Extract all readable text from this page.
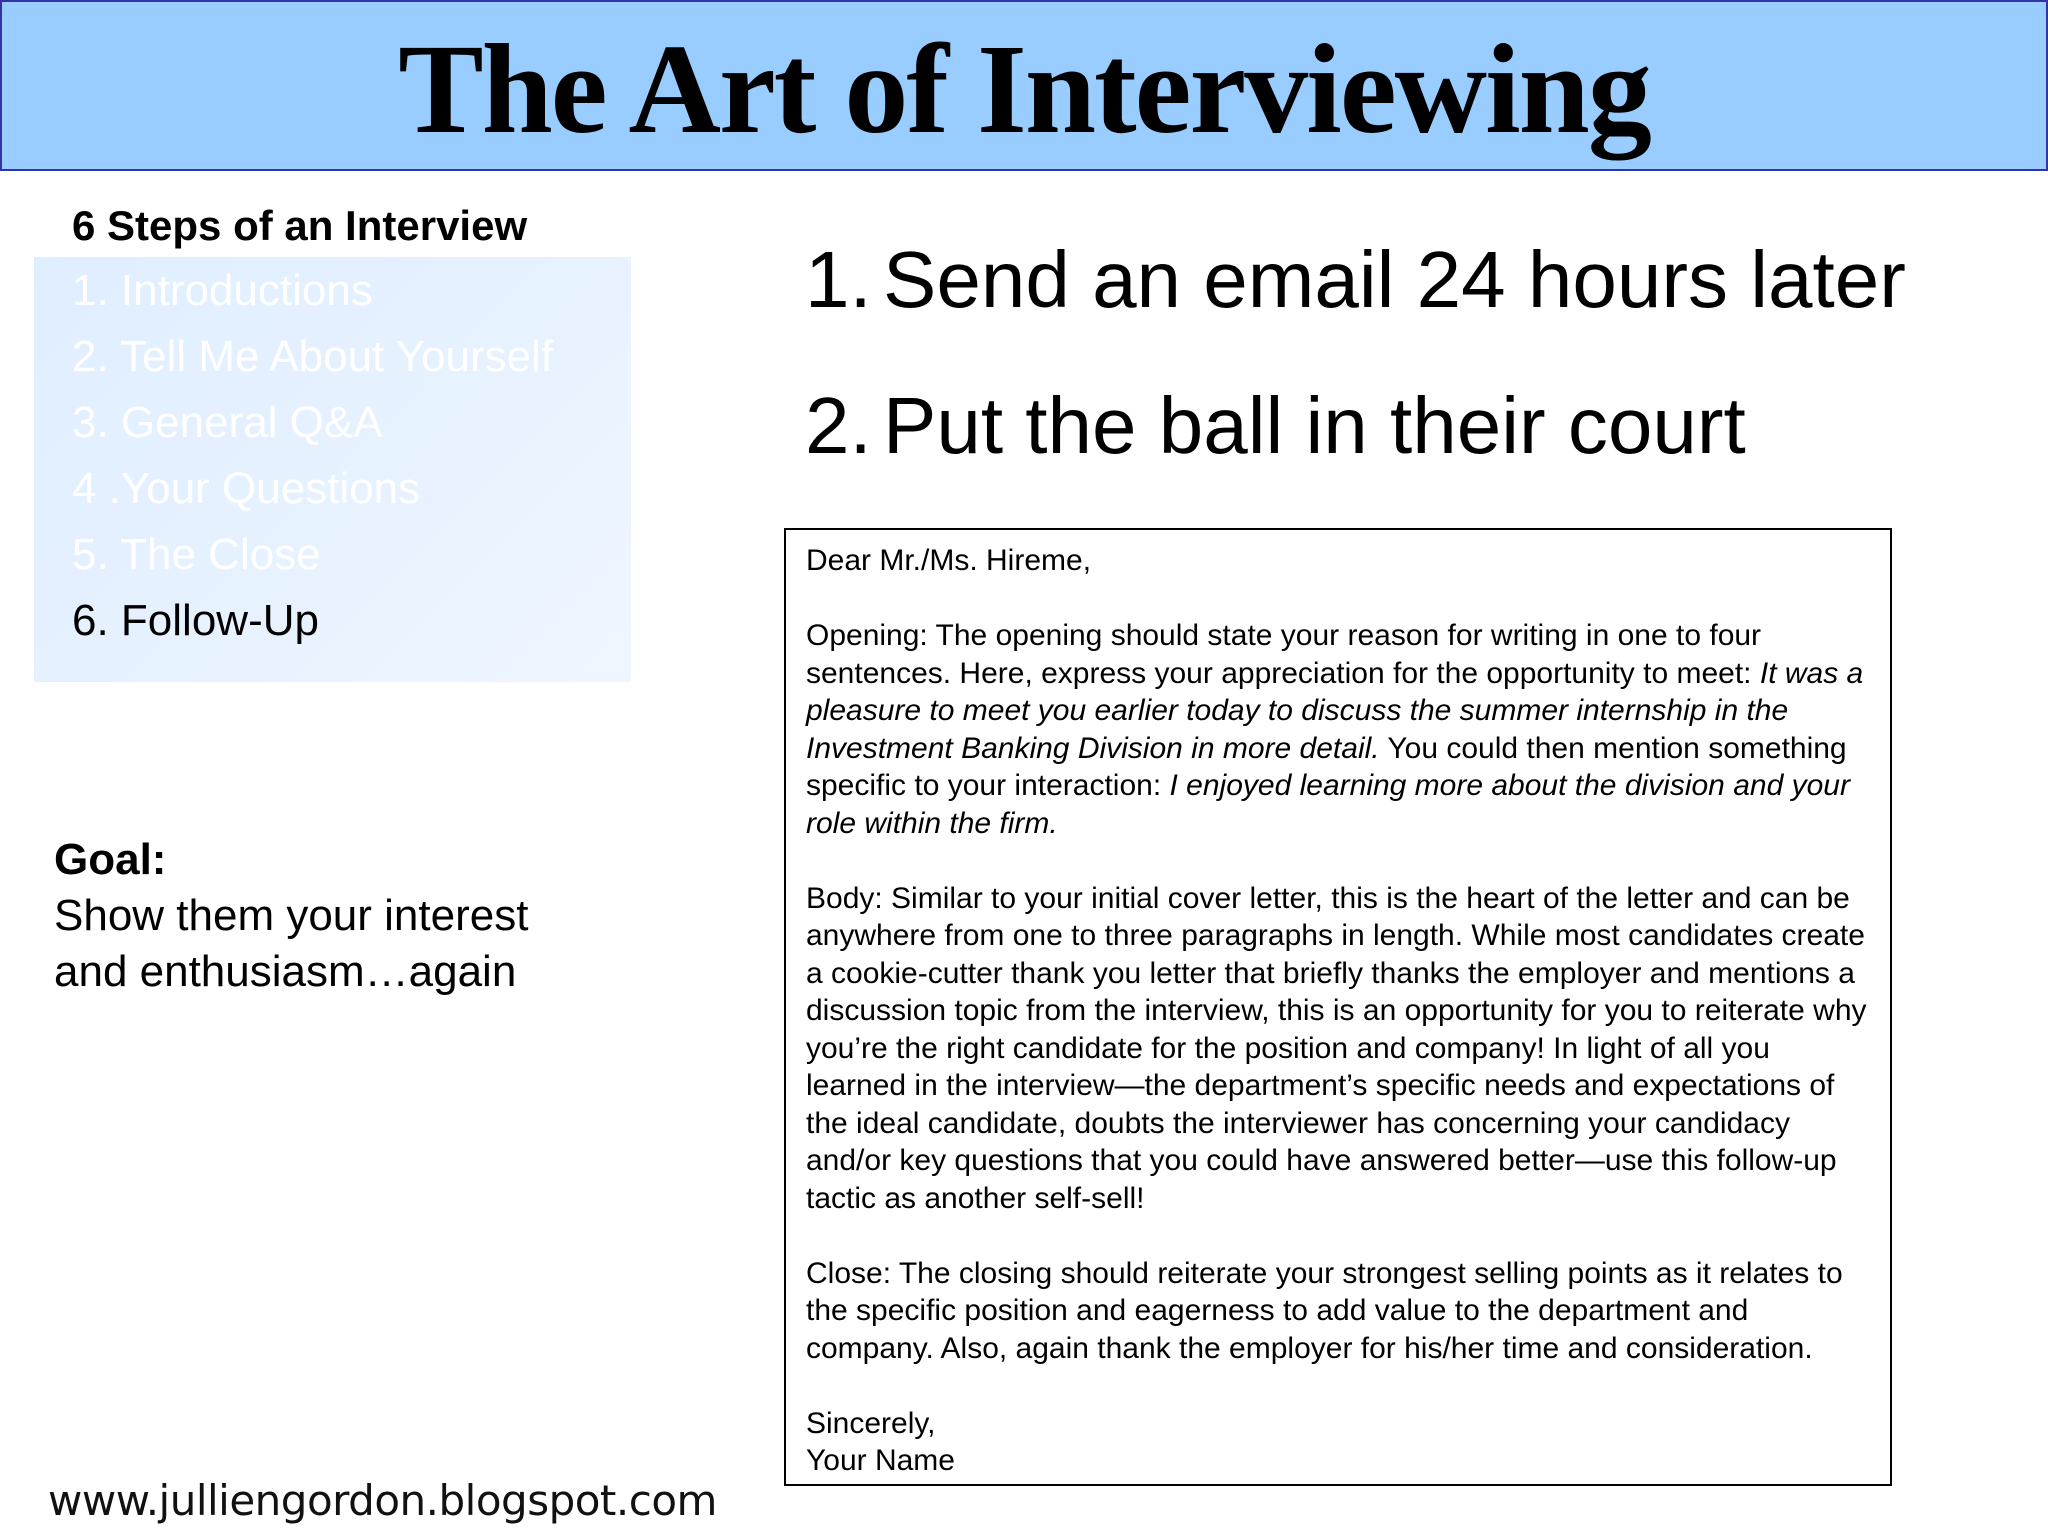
The Art of Interviewing
6 Steps of an Interview
1. Introductions
2. Tell Me About Yourself
3. General Q&A
4 .Your Questions
5. The Close
6. Follow-Up
Goal:
Show them your interest and enthusiasm…again
1. Send an email 24 hours later
2. Put the ball in their court

Dear Mr./Ms. Hireme,

Opening: The opening should state your reason for writing in one to four sentences. Here, express your appreciation for the opportunity to meet: It was a pleasure to meet you earlier today to discuss the summer internship in the Investment Banking Division in more detail. You could then mention something specific to your interaction: I enjoyed learning more about the division and your role within the firm.

Body: Similar to your initial cover letter, this is the heart of the letter and can be anywhere from one to three paragraphs in length. While most candidates create a cookie-cutter thank you letter that briefly thanks the employer and mentions a discussion topic from the interview, this is an opportunity for you to reiterate why you’re the right candidate for the position and company! In light of all you learned in the interview—the department’s specific needs and expectations of the ideal candidate, doubts the interviewer has concerning your candidacy and/or key questions that you could have answered better—use this follow-up tactic as another self-sell!

Close: The closing should reiterate your strongest selling points as it relates to the specific position and eagerness to add value to the department and company. Also, again thank the employer for his/her time and consideration.

Sincerely,

Your Name

www.julliengordon.blogspot.com
